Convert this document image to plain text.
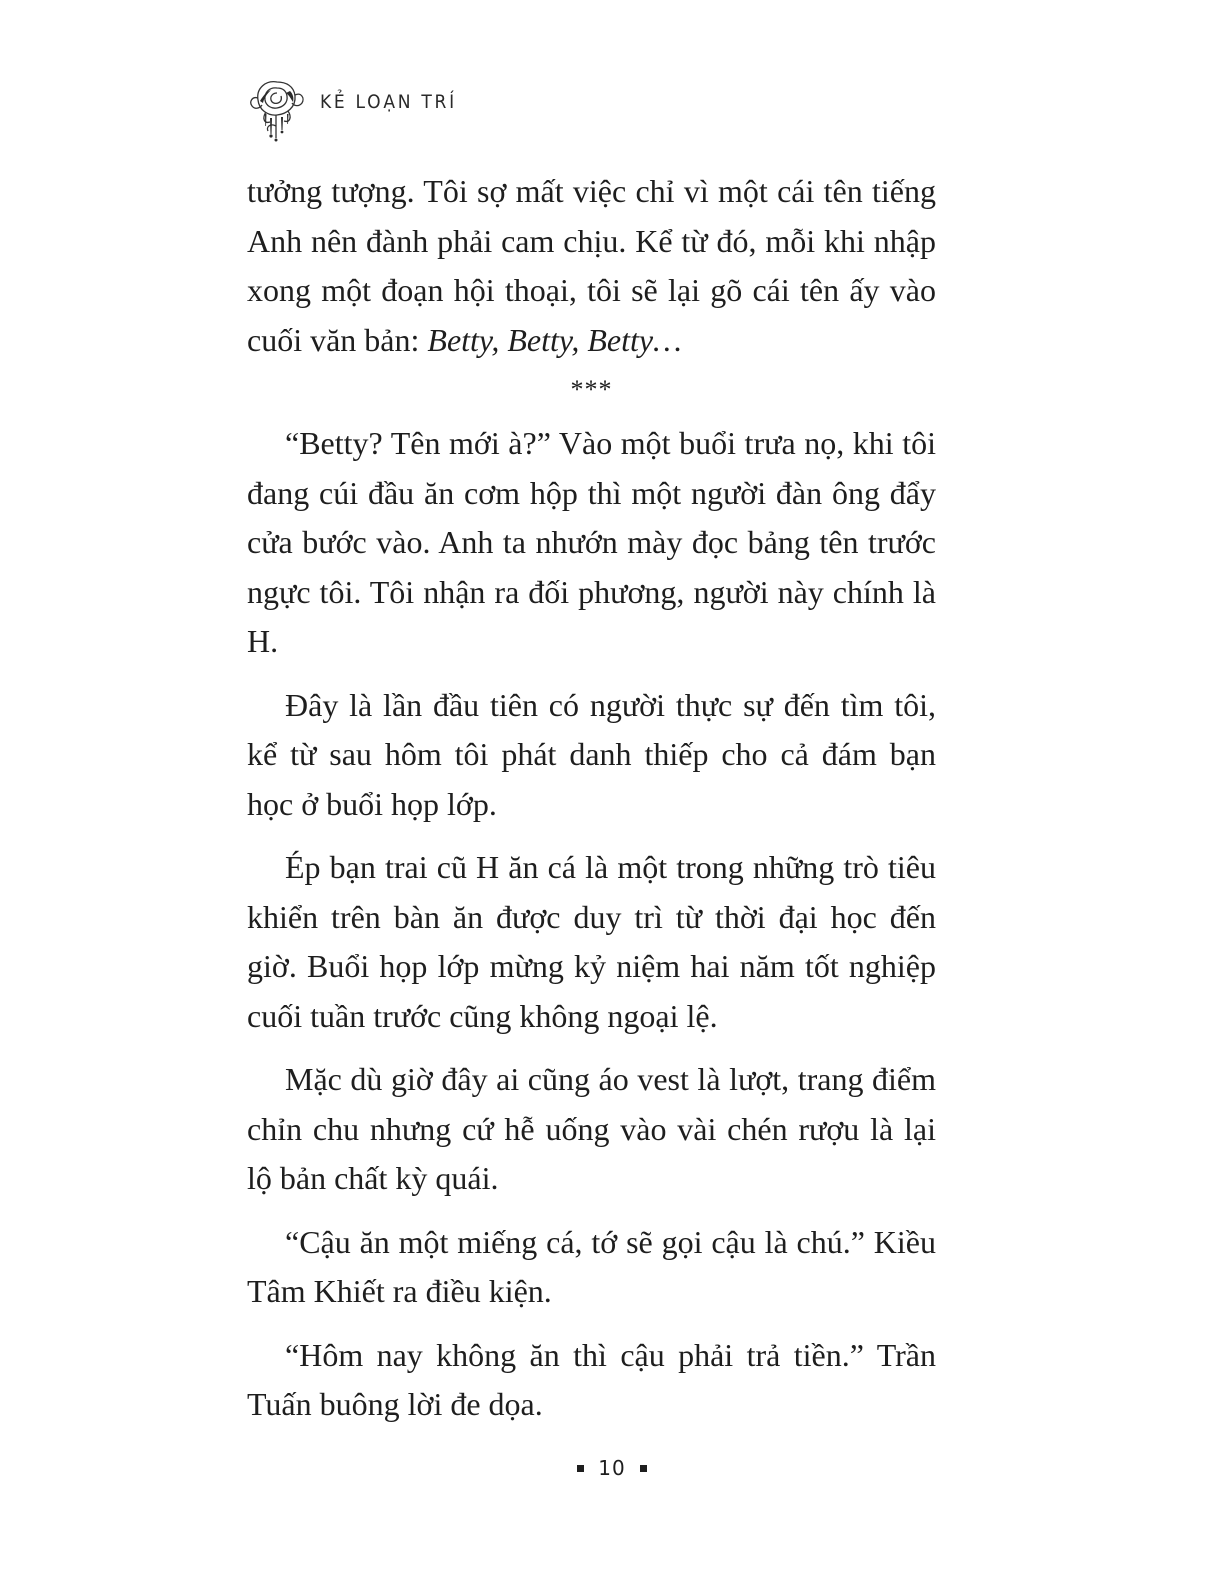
KẺ LOẠN TRÍ

tưởng tượng. Tôi sợ mất việc chỉ vì một cái tên tiếng Anh nên đành phải cam chịu. Kể từ đó, mỗi khi nhập xong một đoạn hội thoại, tôi sẽ lại gõ cái tên ấy vào cuối văn bản: Betty, Betty, Betty…

***

“Betty? Tên mới à?” Vào một buổi trưa nọ, khi tôi đang cúi đầu ăn cơm hộp thì một người đàn ông đẩy cửa bước vào. Anh ta nhướn mày đọc bảng tên trước ngực tôi. Tôi nhận ra đối phương, người này chính là H.

Đây là lần đầu tiên có người thực sự đến tìm tôi, kể từ sau hôm tôi phát danh thiếp cho cả đám bạn học ở buổi họp lớp.

Ép bạn trai cũ H ăn cá là một trong những trò tiêu khiển trên bàn ăn được duy trì từ thời đại học đến giờ. Buổi họp lớp mừng kỷ niệm hai năm tốt nghiệp cuối tuần trước cũng không ngoại lệ.

Mặc dù giờ đây ai cũng áo vest là lượt, trang điểm chỉn chu nhưng cứ hễ uống vào vài chén rượu là lại lộ bản chất kỳ quái.

“Cậu ăn một miếng cá, tớ sẽ gọi cậu là chú.” Kiều Tâm Khiết ra điều kiện.

“Hôm nay không ăn thì cậu phải trả tiền.” Trần Tuấn buông lời đe dọa.

10
